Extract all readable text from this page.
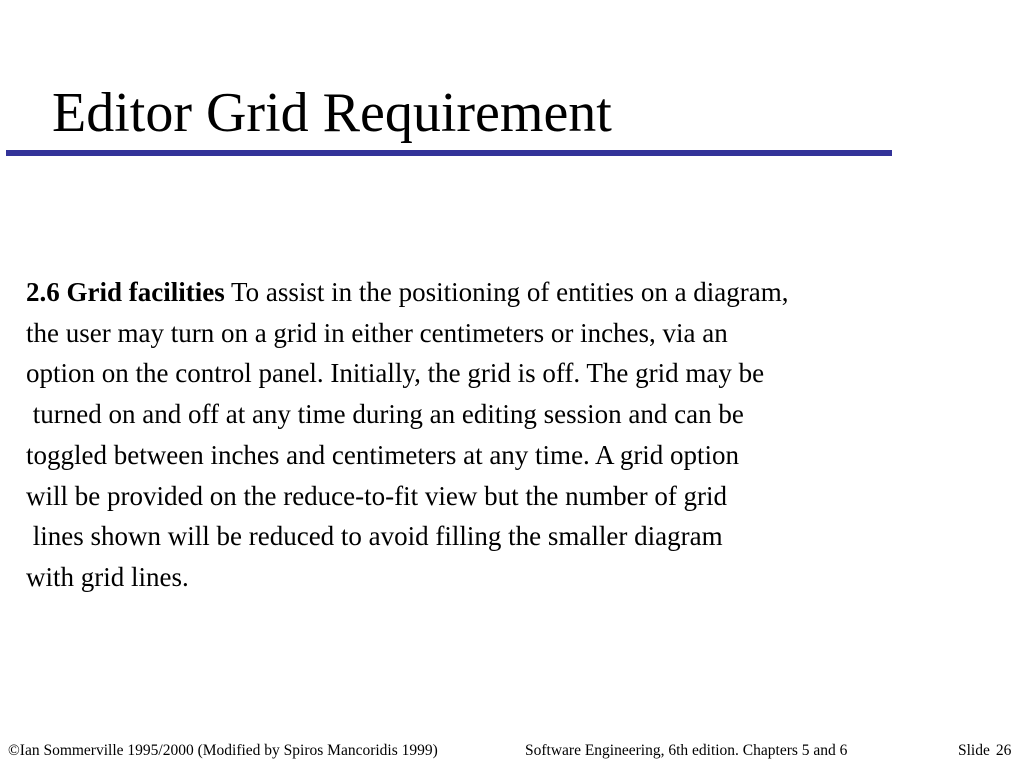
Editor Grid Requirement
2.6 Grid facilities To assist in the positioning of entities on a diagram,
the user may turn on a grid in either centimeters or inches, via an
option on the control panel. Initially, the grid is off. The grid may be
turned on and off at any time during an editing session and can be
toggled between inches and centimeters at any time. A grid option
will be provided on the reduce-to-fit view but the number of grid
lines shown will be reduced to avoid filling the smaller diagram
with grid lines.
©Ian Sommerville 1995/2000 (Modified by Spiros Mancoridis 1999)	Software Engineering, 6th edition. Chapters 5 and 6	Slide 26
